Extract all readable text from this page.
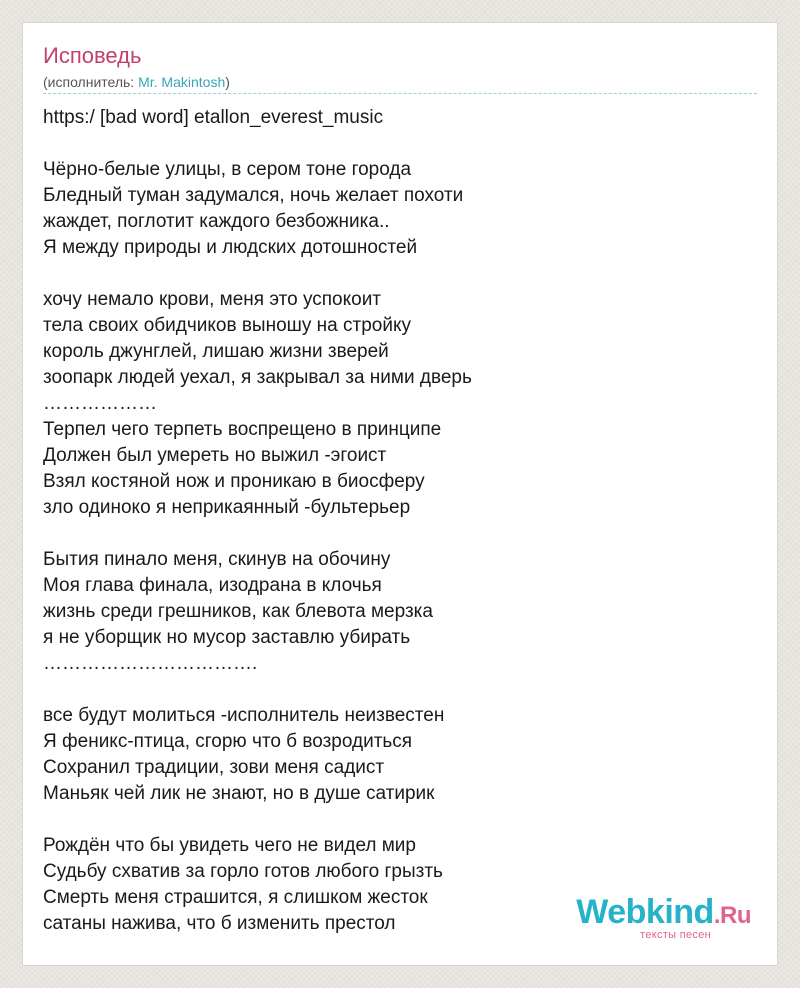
Исповедь
(исполнитель: Mr. Makintosh)
https:/ [bad word] etallon_everest_music

Чёрно-белые улицы, в сером тоне города
Бледный туман задумался, ночь желает похоти
жаждет, поглотит каждого безбожника..
Я между природы и людских дотошностей

хочу немало крови, меня это успокоит
тела своих обидчиков выношу на стройку
король джунглей, лишаю жизни зверей
зоопарк людей уехал, я закрывал за ними дверь
………………
Терпел чего терпеть воспрещено в принципе
Должен был умереть но выжил -эгоист
Взял костяной нож и проникаю в биосферу
зло одиноко я неприкаянный -бультерьер

Бытия пинало меня, скинув на обочину
Моя глава финала, изодрана в клочья
жизнь среди грешников, как блевота мерзка
я не уборщик но мусор заставлю убирать
…………………………….

все будут молиться -исполнитель неизвестен
Я феникс-птица, сгорю что б возродиться
Сохранил традиции, зови меня садист
Маньяк чей лик не знают, но в душе сатирик

Рождён что бы увидеть чего не видел мир
Судьбу схватив за горло готов любого грызть
Смерть меня страшится, я слишком жесток
сатаны нажива, что б изменить престол	Webkind.Ru
тексты песен
